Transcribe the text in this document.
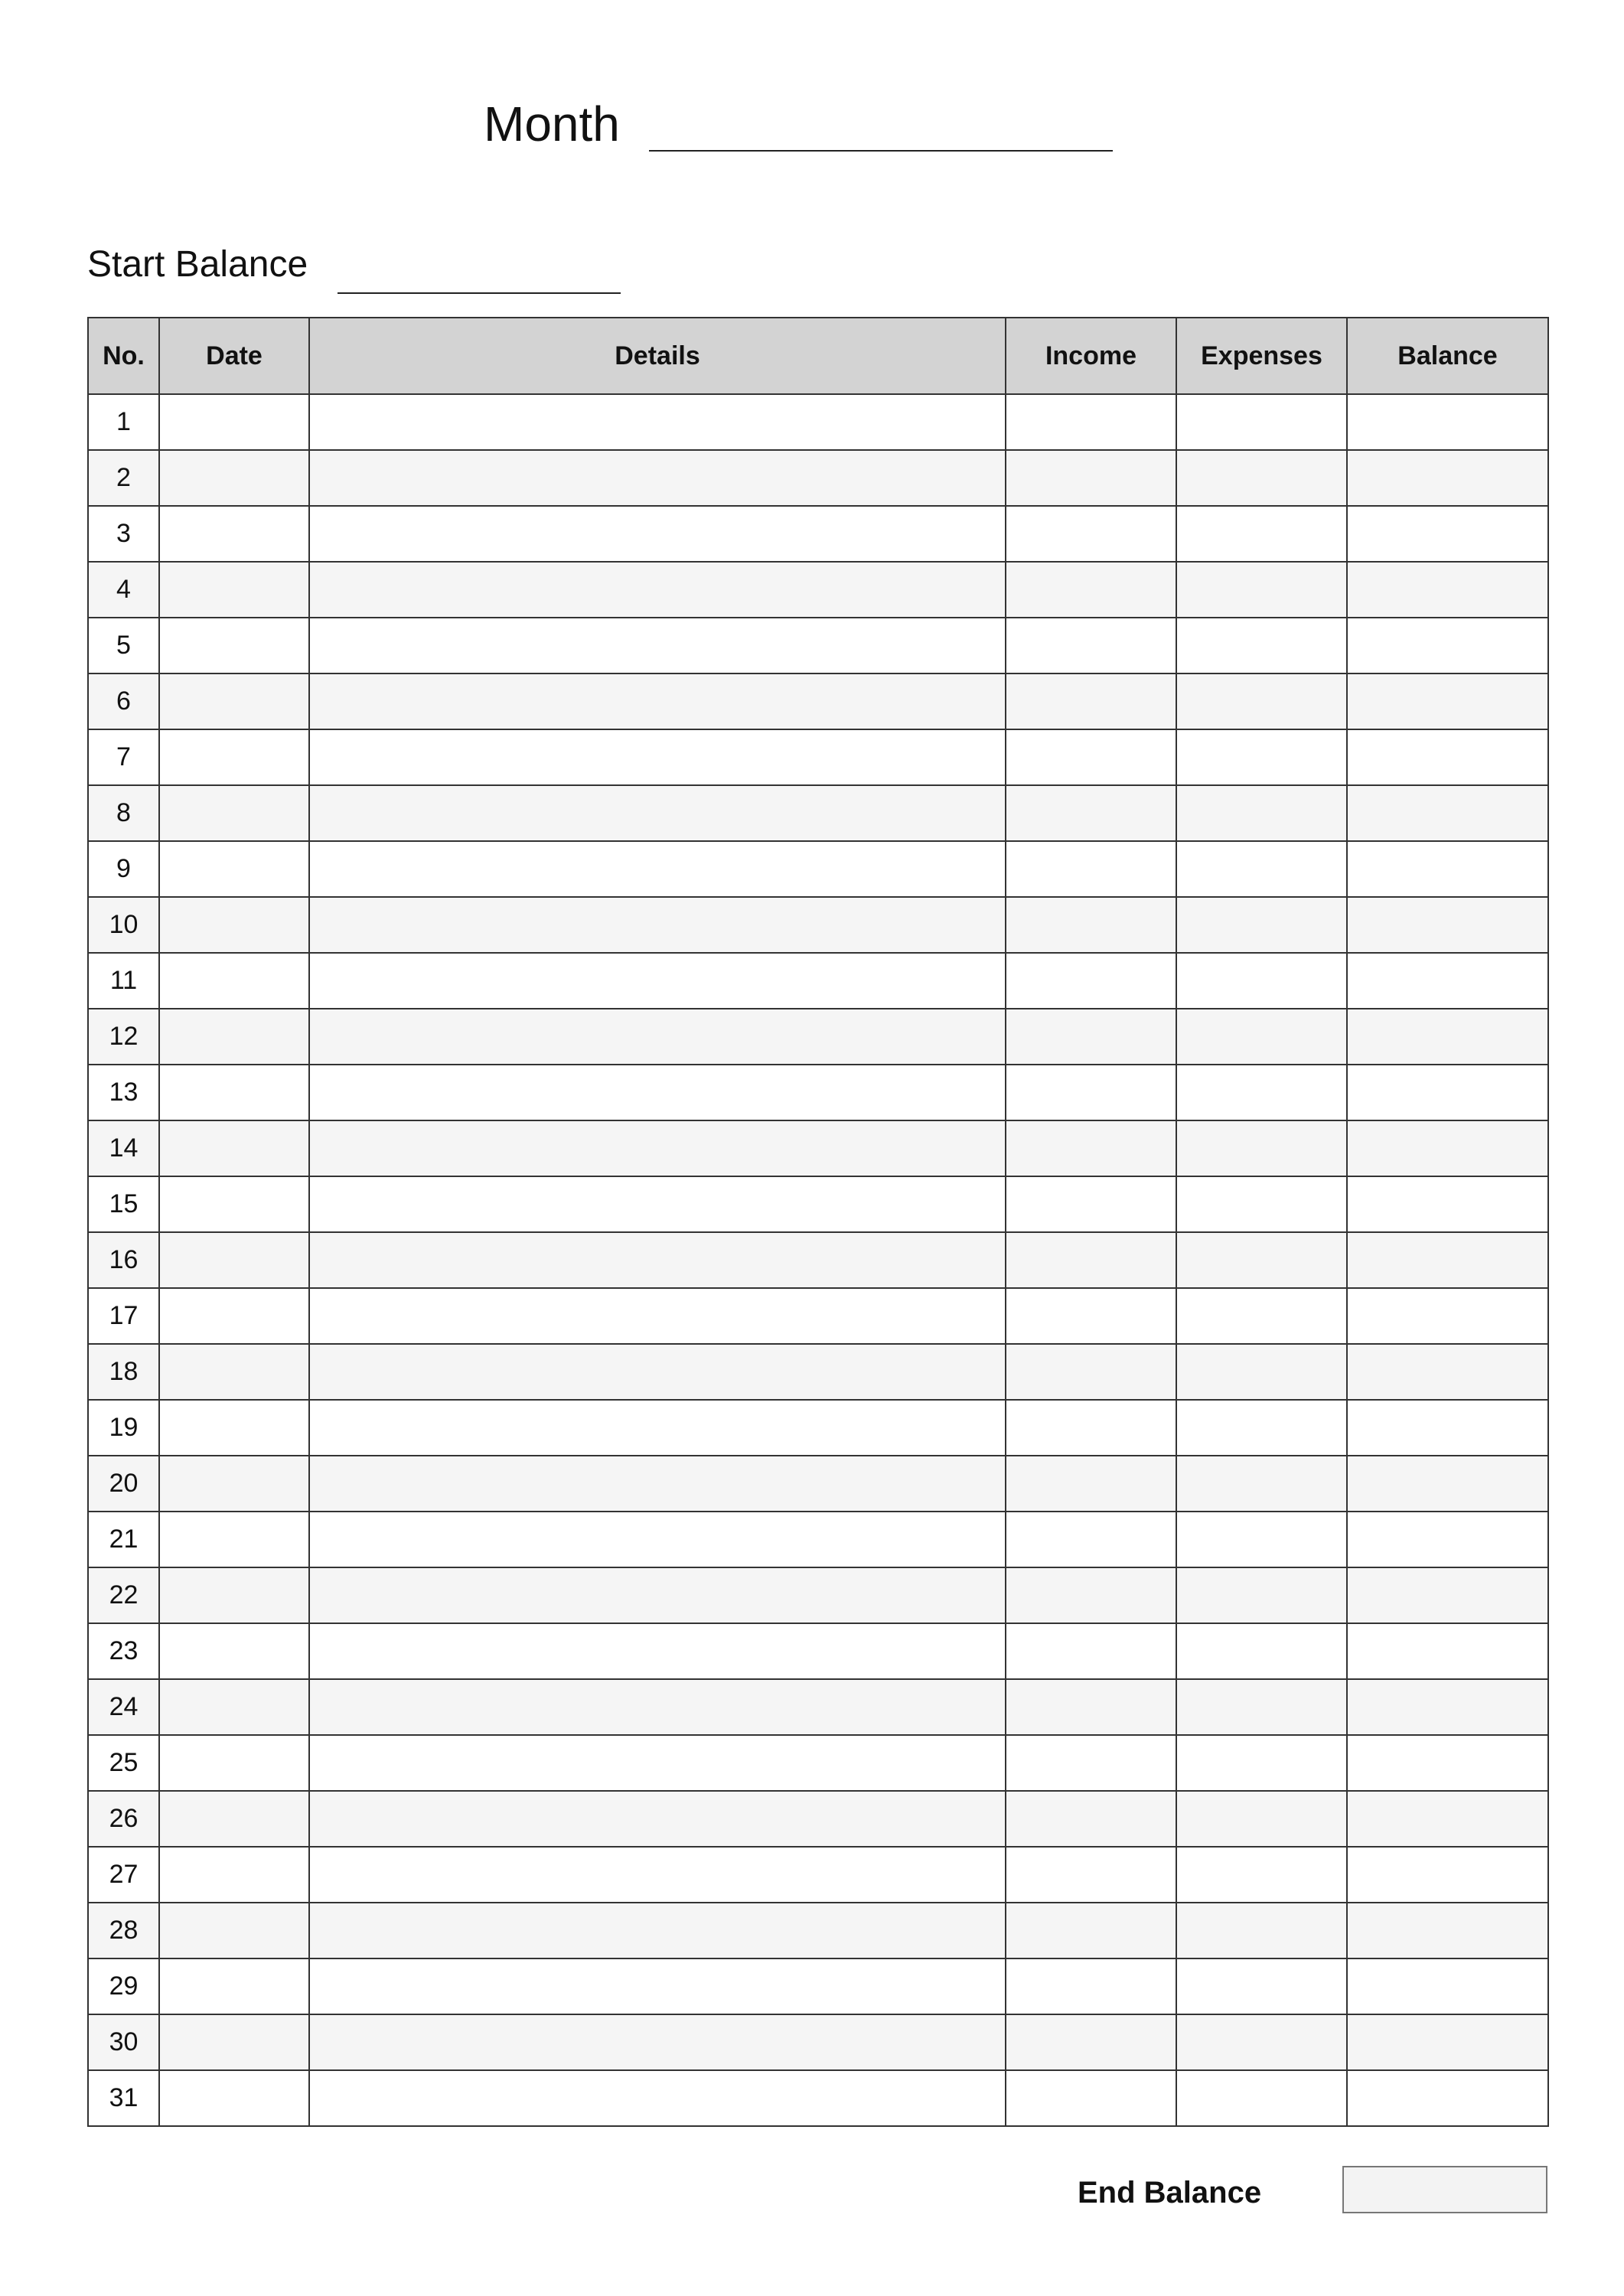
Month
Start Balance
No.	Date	Details	Income	Expenses	Balance
1					
2					
3					
4					
5					
6					
7					
8					
9					
10					
11					
12					
13					
14					
15					
16					
17					
18					
19					
20					
21					
22					
23					
24					
25					
26					
27					
28					
29					
30					
31					
End Balance
